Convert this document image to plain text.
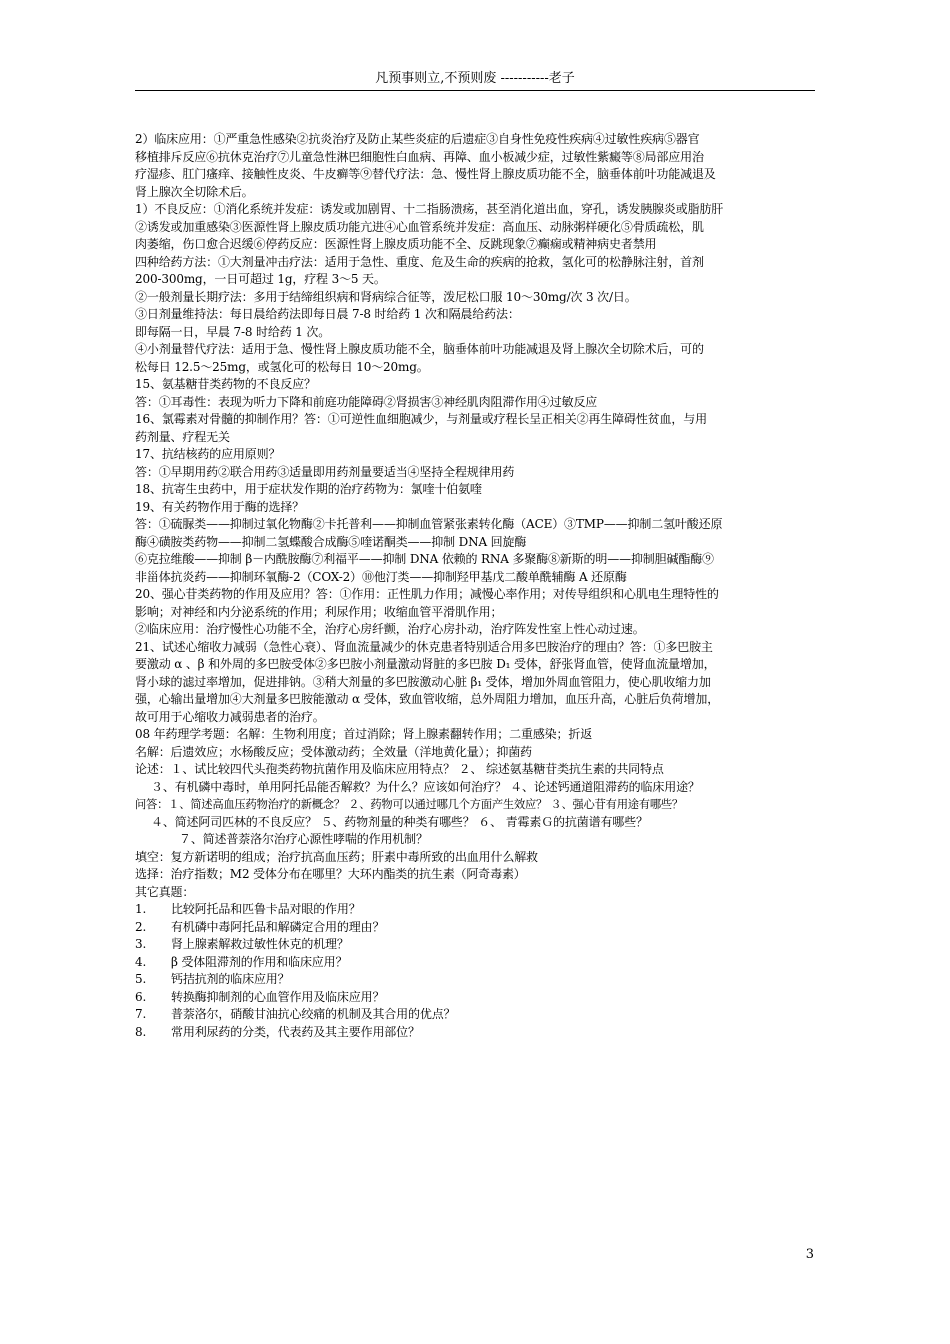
凡预事则立,不预则废 -----------老子

2）临床应用：①严重急性感染②抗炎治疗及防止某些炎症的后遗症③自身性免疫性疾病④过敏性疾病⑤器官

移植排斥反应⑥抗休克治疗⑦儿童急性淋巴细胞性白血病、再障、血小板减少症，过敏性紫癜等⑧局部应用治

疗湿疹、肛门瘙痒、接触性皮炎、牛皮癣等⑨替代疗法：急、慢性肾上腺皮质功能不全，脑垂体前叶功能减退及

肾上腺次全切除术后。

1）不良反应：①消化系统并发症：诱发或加剧胃、十二指肠溃疡，甚至消化道出血，穿孔，诱发胰腺炎或脂肪肝

②诱发或加重感染③医源性肾上腺皮质功能亢进④心血管系统并发症：高血压、动脉粥样硬化⑤骨质疏松，肌

肉萎缩，伤口愈合迟缓⑥停药反应：医源性肾上腺皮质功能不全、反跳现象⑦癫痫或精神病史者禁用

四种给药方法：①大剂量冲击疗法：适用于急性、重度、危及生命的疾病的抢救，氢化可的松静脉注射，首剂

200-300mg，一日可超过 1g，疗程 3～5 天。

②一般剂量长期疗法：多用于结缔组织病和肾病综合征等，泼尼松口服 10～30mg/次 3 次/日。

③日剂量维持法：每日晨给药法即每日晨 7-8 时给药 1 次和隔晨给药法：

即每隔一日，早晨 7-8 时给药 1 次。

④小剂量替代疗法：适用于急、慢性肾上腺皮质功能不全，脑垂体前叶功能减退及肾上腺次全切除术后，可的

松每日 12.5～25mg，或氢化可的松每日 10～20mg。

15、氨基糖苷类药物的不良反应？

答：①耳毒性：表现为听力下降和前庭功能障碍②肾损害③神经肌肉阻滞作用④过敏反应

16、氯霉素对骨髓的抑制作用？答：①可逆性血细胞减少，与剂量或疗程长呈正相关②再生障碍性贫血，与用

药剂量、疗程无关

17、抗结核药的应用原则？

答：①早期用药②联合用药③适量即用药剂量要适当④坚持全程规律用药

18、抗寄生虫药中，用于症状发作期的治疗药物为：氯喹十伯氨喹

19、有关药物作用于酶的选择？

答：①硫脲类——抑制过氧化物酶②卡托普利——抑制血管紧张素转化酶（ACE）③TMP——抑制二氢叶酸还原

酶④磺胺类药物——抑制二氢蝶酸合成酶⑤喹诺酮类——抑制 DNA 回旋酶

⑥克拉维酸——抑制 β－内酰胺酶⑦利福平——抑制 DNA 依赖的 RNA 多聚酶⑧新斯的明——抑制胆碱酯酶⑨

非甾体抗炎药——抑制环氧酶-2（COX-2）⑩他汀类——抑制羟甲基戊二酸单酰辅酶 A 还原酶

20、强心苷类药物的作用及应用？答：①作用：正性肌力作用；减慢心率作用；对传导组织和心肌电生理特性的

影响；对神经和内分泌系统的作用；利尿作用；收缩血管平滑肌作用；

②临床应用：治疗慢性心功能不全，治疗心房纤颤，治疗心房扑动，治疗阵发性室上性心动过速。

21、试述心缩收力减弱（急性心衰）、肾血流量减少的休克患者特别适合用多巴胺治疗的理由？答：①多巴胺主

要激动 α 、β 和外周的多巴胺受体②多巴胺小剂量激动肾脏的多巴胺 D₁ 受体，舒张肾血管，使肾血流量增加，

肾小球的滤过率增加，促进排钠。③稍大剂量的多巴胺激动心脏 β₁ 受体，增加外周血管阻力，使心肌收缩力加

强，心输出量增加④大剂量多巴胺能激动 α 受体，致血管收缩，总外周阻力增加，血压升高，心脏后负荷增加，

故可用于心缩收力减弱患者的治疗。

08 年药理学考题：名解：生物利用度；首过消除；肾上腺素翻转作用；二重感染；折返

名解：后遗效应；水杨酸反应；受体激动药；全效量（洋地黄化量）；抑菌药

论述：１、试比较四代头孢类药物抗菌作用及临床应用特点？ ２、 综述氨基糖苷类抗生素的共同特点

３、有机磷中毒时，单用阿托品能否解救？为什么？应该如何治疗？ ４、论述钙通道阻滞药的临床用途？

问答：１、简述高血压药物治疗的新概念？ ２、药物可以通过哪几个方面产生效应？ ３、强心苷有用途有哪些？

４、简述阿司匹林的不良反应？ ５、药物剂量的种类有哪些？ ６、 青霉素Ｇ的抗菌谱有哪些？

７、简述普萘洛尔治疗心源性哮喘的作用机制？

填空：复方新诺明的组成；治疗抗高血压药；肝素中毒所致的出血用什么解救

选择：治疗指数；M2 受体分布在哪里？大环内酯类的抗生素（阿奇毒素）

其它真题：

1. 比较阿托品和匹鲁卡品对眼的作用？

2. 有机磷中毒阿托品和解磷定合用的理由？

3. 肾上腺素解救过敏性休克的机理？

4. β 受体阻滞剂的作用和临床应用？

5. 钙拮抗剂的临床应用？

6. 转换酶抑制剂的心血管作用及临床应用？

7. 普萘洛尔，硝酸甘油抗心绞痛的机制及其合用的优点？

8. 常用利尿药的分类，代表药及其主要作用部位？

3
